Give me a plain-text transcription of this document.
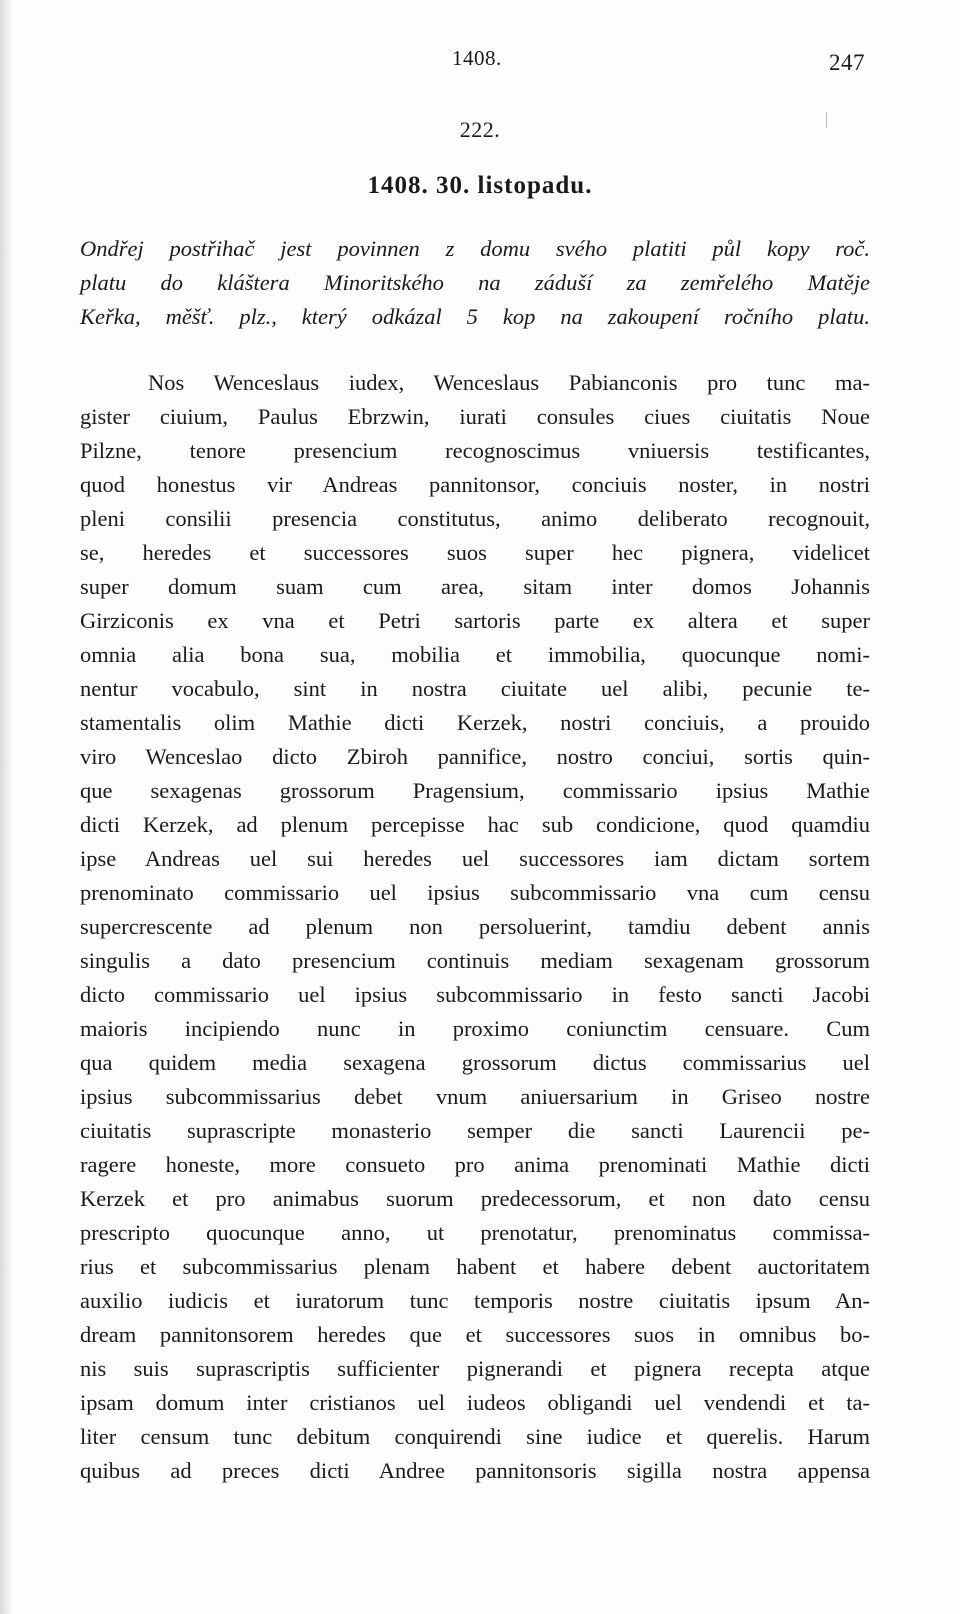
1408.	247
222.
1408. 30. listopadu.
Ondřej postřihač jest povinnen z domu svého platiti půl kopy roč.
platu do kláštera Minoritského na záduší za zemřelého Matěje
Keřka, měšť. plz., který odkázal 5 kop na zakoupení ročního platu.
Nos Wenceslaus iudex, Wenceslaus Pabianconis pro tunc ma-
gister ciuium, Paulus Ebrzwin, iurati consules ciues ciuitatis Noue
Pilzne, tenore presencium recognoscimus vniuersis testificantes,
quod honestus vir Andreas pannitonsor, conciuis noster, in nostri
pleni consilii presencia constitutus, animo deliberato recognouit,
se, heredes et successores suos super hec pignera, videlicet
super domum suam cum area, sitam inter domos Johannis
Girziconis ex vna et Petri sartoris parte ex altera et super
omnia alia bona sua, mobilia et immobilia, quocunque nomi-
nentur vocabulo, sint in nostra ciuitate uel alibi, pecunie te-
stamentalis olim Mathie dicti Kerzek, nostri conciuis, a prouido
viro Wenceslao dicto Zbiroh pannifice, nostro conciui, sortis quin-
que sexagenas grossorum Pragensium, commissario ipsius Mathie
dicti Kerzek, ad plenum percepisse hac sub condicione, quod quamdiu
ipse Andreas uel sui heredes uel successores iam dictam sortem
prenominato commissario uel ipsius subcommissario vna cum censu
supercrescente ad plenum non persoluerint, tamdiu debent annis
singulis a dato presencium continuis mediam sexagenam grossorum
dicto commissario uel ipsius subcommissario in festo sancti Jacobi
maioris incipiendo nunc in proximo coniunctim censuare. Cum
qua quidem media sexagena grossorum dictus commissarius uel
ipsius subcommissarius debet vnum aniuersarium in Griseo nostre
ciuitatis suprascripte monasterio semper die sancti Laurencii pe-
ragere honeste, more consueto pro anima prenominati Mathie dicti
Kerzek et pro animabus suorum predecessorum, et non dato censu
prescripto quocunque anno, ut prenotatur, prenominatus commissa-
rius et subcommissarius plenam habent et habere debent auctoritatem
auxilio iudicis et iuratorum tunc temporis nostre ciuitatis ipsum An-
dream pannitonsorem heredes que et successores suos in omnibus bo-
nis suis suprascriptis sufficienter pignerandi et pignera recepta atque
ipsam domum inter cristianos uel iudeos obligandi uel vendendi et ta-
liter censum tunc debitum conquirendi sine iudice et querelis. Harum
quibus ad preces dicti Andree pannitonsoris sigilla nostra appensa
